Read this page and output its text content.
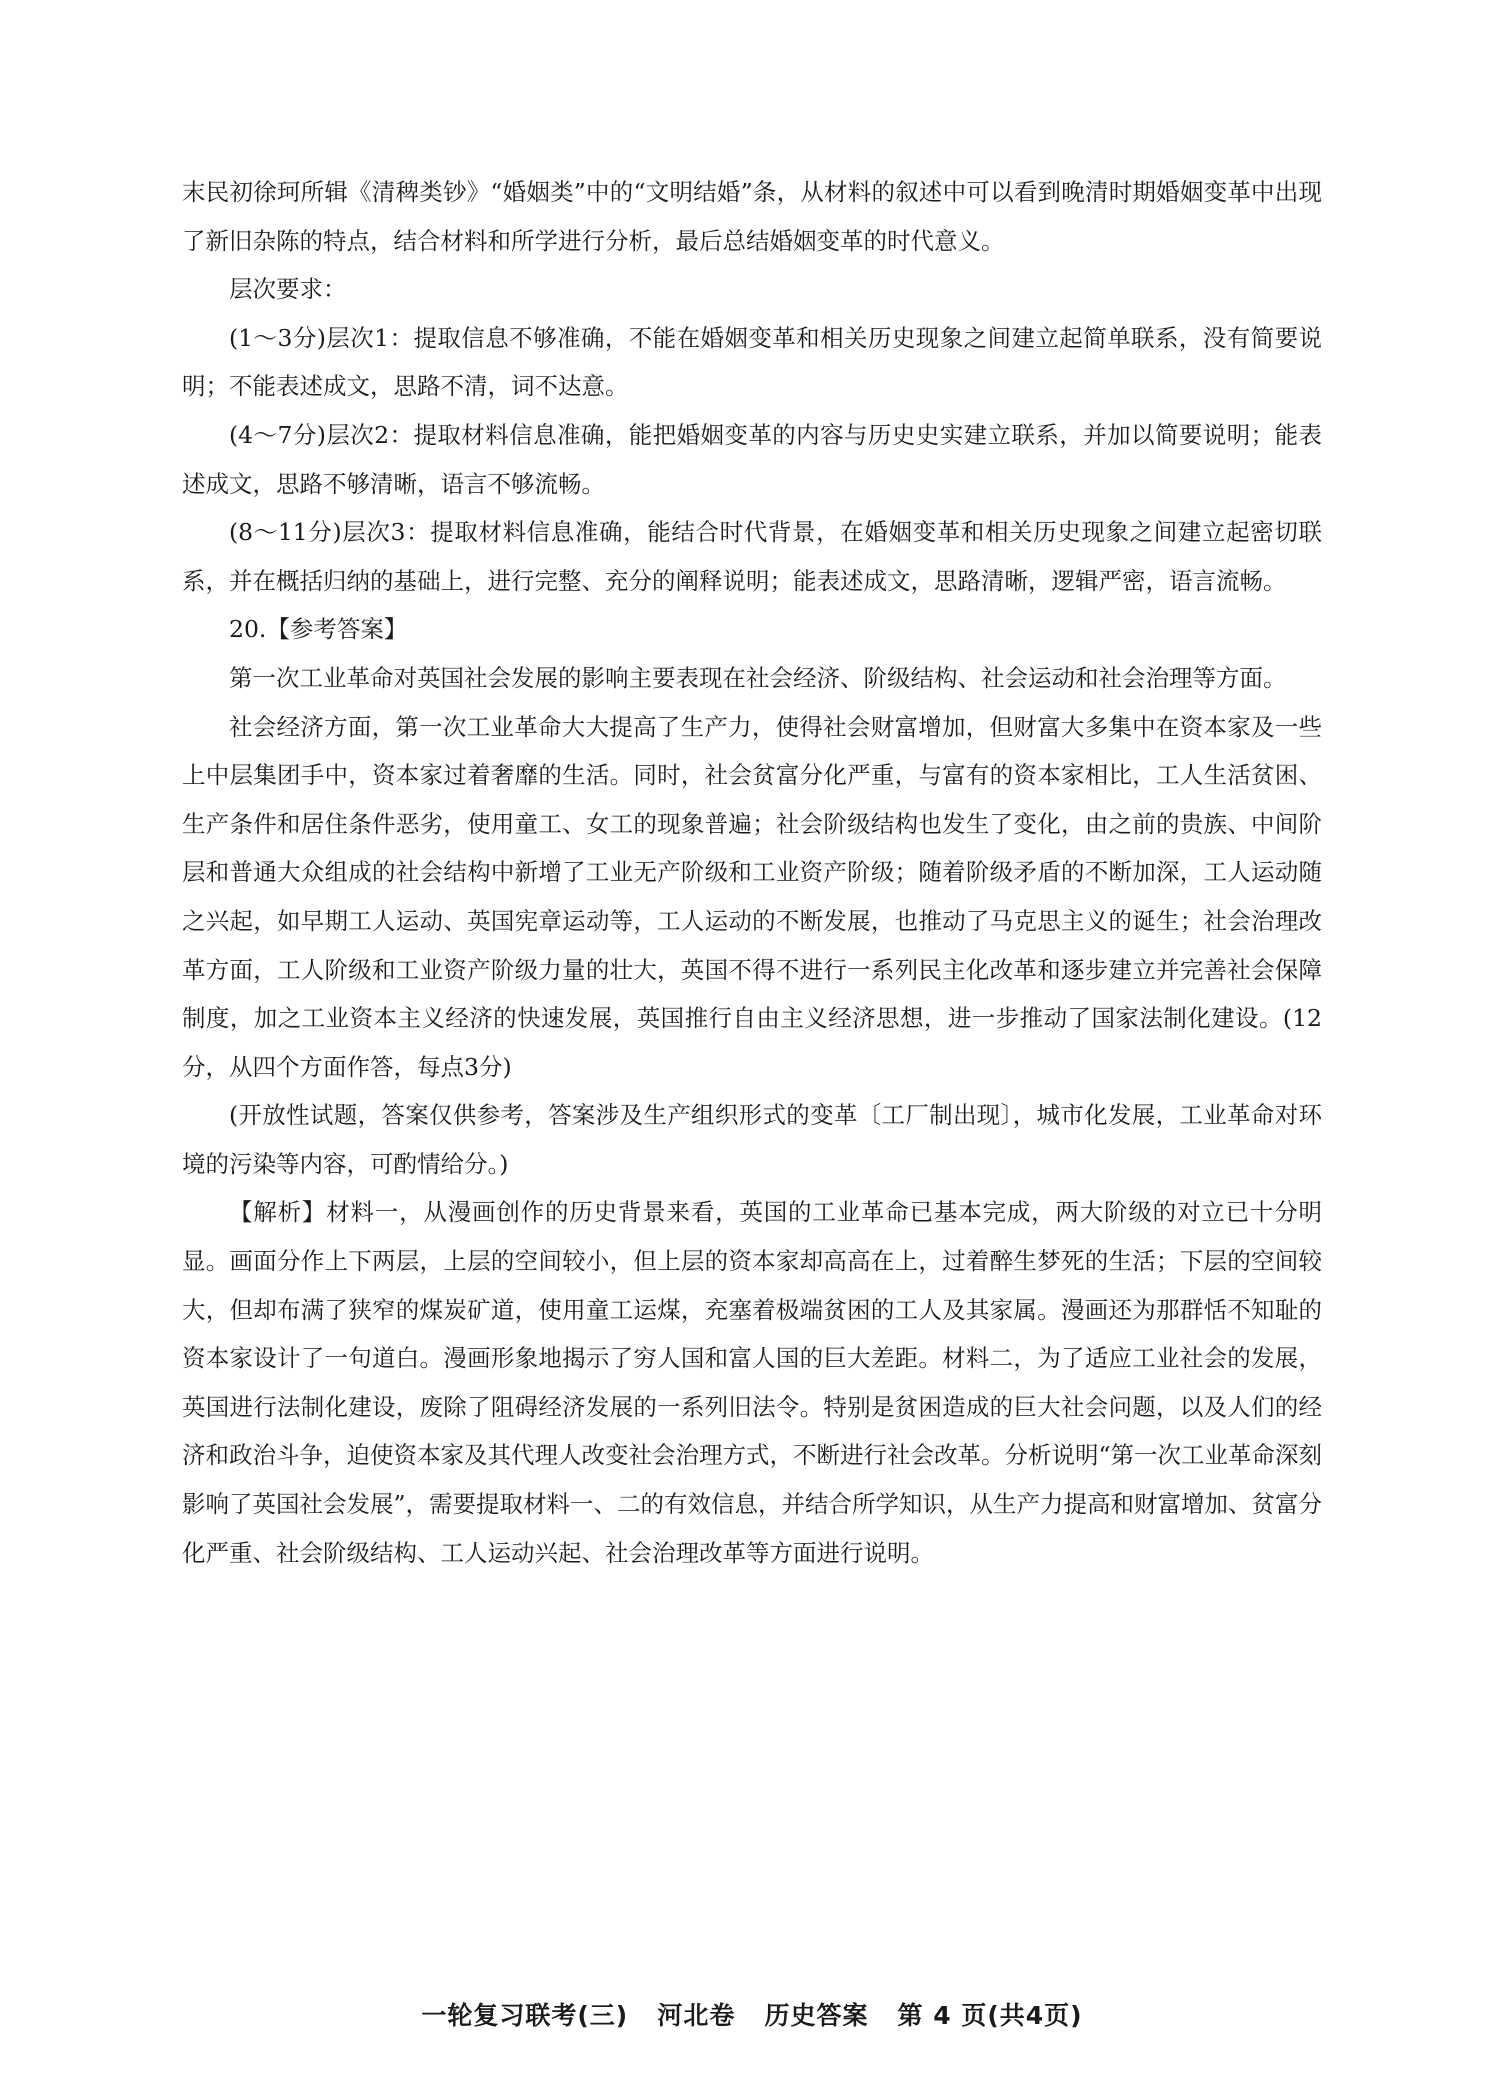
末民初徐珂所辑《清稗类钞》“婚姻类”中的“文明结婚”条，从材料的叙述中可以看到晚清时期婚姻变革中出现了新旧杂陈的特点，结合材料和所学进行分析，最后总结婚姻变革的时代意义。

层次要求：

(1～3分)层次1：提取信息不够准确，不能在婚姻变革和相关历史现象之间建立起简单联系，没有简要说明；不能表述成文，思路不清，词不达意。

(4～7分)层次2：提取材料信息准确，能把婚姻变革的内容与历史史实建立联系，并加以简要说明；能表述成文，思路不够清晰，语言不够流畅。

(8～11分)层次3：提取材料信息准确，能结合时代背景，在婚姻变革和相关历史现象之间建立起密切联系，并在概括归纳的基础上，进行完整、充分的阐释说明；能表述成文，思路清晰，逻辑严密，语言流畅。

20.【参考答案】

第一次工业革命对英国社会发展的影响主要表现在社会经济、阶级结构、社会运动和社会治理等方面。

社会经济方面，第一次工业革命大大提高了生产力，使得社会财富增加，但财富大多集中在资本家及一些上中层集团手中，资本家过着奢靡的生活。同时，社会贫富分化严重，与富有的资本家相比，工人生活贫困、生产条件和居住条件恶劣，使用童工、女工的现象普遍；社会阶级结构也发生了变化，由之前的贵族、中间阶层和普通大众组成的社会结构中新增了工业无产阶级和工业资产阶级；随着阶级矛盾的不断加深，工人运动随之兴起，如早期工人运动、英国宪章运动等，工人运动的不断发展，也推动了马克思主义的诞生；社会治理改革方面，工人阶级和工业资产阶级力量的壮大，英国不得不进行一系列民主化改革和逐步建立并完善社会保障制度，加之工业资本主义经济的快速发展，英国推行自由主义经济思想，进一步推动了国家法制化建设。(12分，从四个方面作答，每点3分)

(开放性试题，答案仅供参考，答案涉及生产组织形式的变革〔工厂制出现〕，城市化发展，工业革命对环境的污染等内容，可酌情给分。)

【解析】材料一，从漫画创作的历史背景来看，英国的工业革命已基本完成，两大阶级的对立已十分明显。画面分作上下两层，上层的空间较小，但上层的资本家却高高在上，过着醉生梦死的生活；下层的空间较大，但却布满了狭窄的煤炭矿道，使用童工运煤，充塞着极端贫困的工人及其家属。漫画还为那群恬不知耻的资本家设计了一句道白。漫画形象地揭示了穷人国和富人国的巨大差距。材料二，为了适应工业社会的发展，英国进行法制化建设，废除了阻碍经济发展的一系列旧法令。特别是贫困造成的巨大社会问题，以及人们的经济和政治斗争，迫使资本家及其代理人改变社会治理方式，不断进行社会改革。分析说明“第一次工业革命深刻影响了英国社会发展”，需要提取材料一、二的有效信息，并结合所学知识，从生产力提高和财富增加、贫富分化严重、社会阶级结构、工人运动兴起、社会治理改革等方面进行说明。

一轮复习联考(三)   河北卷   历史答案   第 4 页(共4页)
